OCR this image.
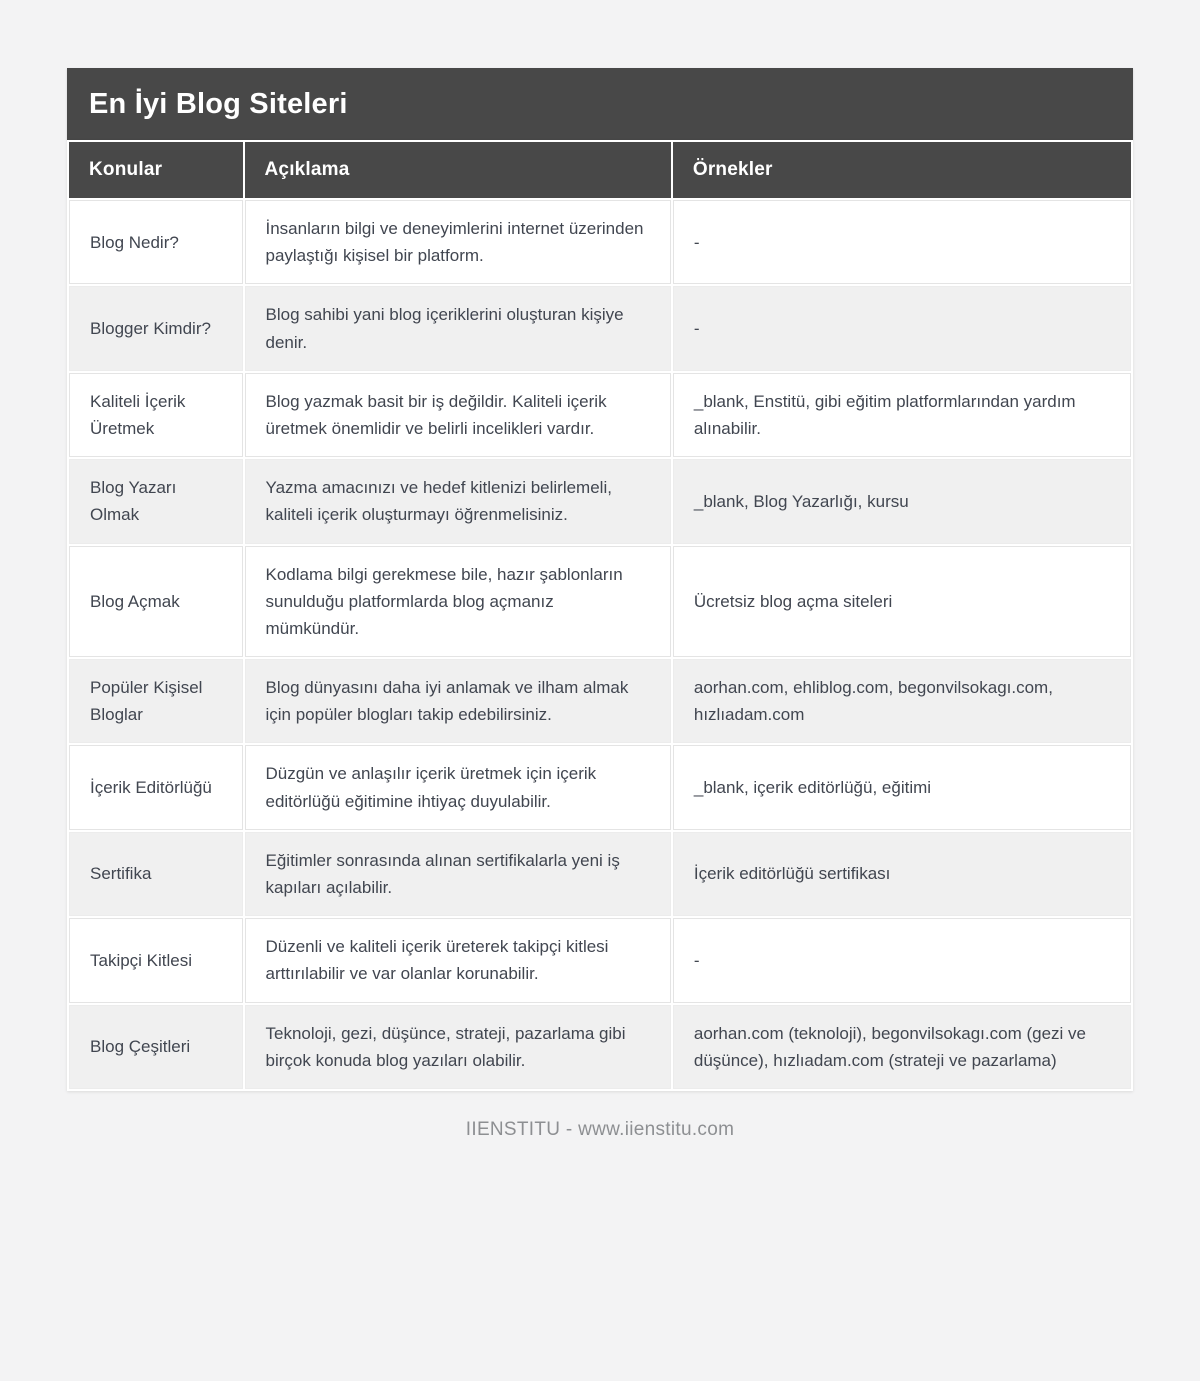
En İyi Blog Siteleri
Konular	Açıklama	Örnekler
Blog Nedir?	İnsanların bilgi ve deneyimlerini internet üzerinden paylaştığı kişisel bir platform.	-
Blogger Kimdir?	Blog sahibi yani blog içeriklerini oluşturan kişiye denir.	-
Kaliteli İçerik Üretmek	Blog yazmak basit bir iş değildir. Kaliteli içerik üretmek önemlidir ve belirli incelikleri vardır.	_blank, Enstitü, gibi eğitim platformlarından yardım alınabilir.
Blog Yazarı Olmak	Yazma amacınızı ve hedef kitlenizi belirlemeli, kaliteli içerik oluşturmayı öğrenmelisiniz.	_blank, Blog Yazarlığı, kursu
Blog Açmak	Kodlama bilgi gerekmese bile, hazır şablonların sunulduğu platformlarda blog açmanız mümkündür.	Ücretsiz blog açma siteleri
Popüler Kişisel Bloglar	Blog dünyasını daha iyi anlamak ve ilham almak için popüler blogları takip edebilirsiniz.	aorhan.com, ehliblog.com, begonvilsokagı.com, hızlıadam.com
İçerik Editörlüğü	Düzgün ve anlaşılır içerik üretmek için içerik editörlüğü eğitimine ihtiyaç duyulabilir.	_blank, içerik editörlüğü, eğitimi
Sertifika	Eğitimler sonrasında alınan sertifikalarla yeni iş kapıları açılabilir.	İçerik editörlüğü sertifikası
Takipçi Kitlesi	Düzenli ve kaliteli içerik üreterek takipçi kitlesi arttırılabilir ve var olanlar korunabilir.	-
Blog Çeşitleri	Teknoloji, gezi, düşünce, strateji, pazarlama gibi birçok konuda blog yazıları olabilir.	aorhan.com (teknoloji), begonvilsokagı.com (gezi ve düşünce), hızlıadam.com (strateji ve pazarlama)
IIENSTITU - www.iienstitu.com
